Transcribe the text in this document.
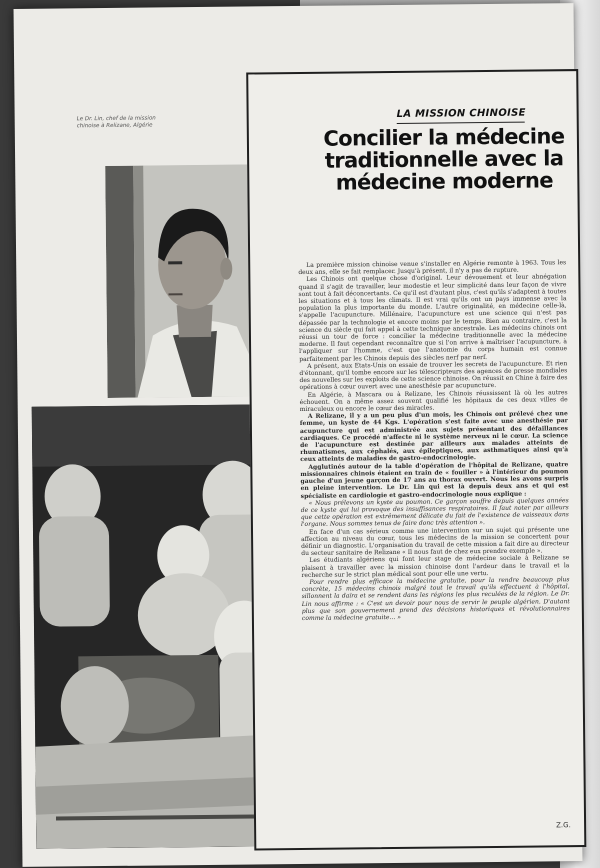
Le Dr. Lin, chef de la mission chinoise à Relizane, Algérie
LA MISSION CHINOISE
Concilier la médecine traditionnelle avec la médecine moderne

La première mission chinoise venue s'installer en Algérie remonte à 1963. Tous les deux ans, elle se fait remplacer. Jusqu'à présent, il n'y a pas de rupture.

Les Chinois ont quelque chose d'original. Leur dévouement et leur abnégation quand il s'agit de travailler, leur modestie et leur simplicité dans leur façon de vivre sont tout à fait déconcertants. Ce qu'il est d'autant plus, c'est qu'ils s'adaptent à toutes les situations et à tous les climats. Il est vrai qu'ils ont un pays immense avec la population la plus importante du monde. L'autre originalité, en médecine celle-là, s'appelle l'acupuncture. Millénaire, l'acupuncture est une science qui n'est pas dépassée par la technologie et encore moins par le temps. Bien au contraire, c'est la science du siècle qui fait appel à cette technique ancestrale. Les médecins chinois ont réussi un tour de force : concilier la médecine traditionnelle avec la médecine moderne. Il faut cependant reconnaître que si l'on arrive à maîtriser l'acupuncture, à l'appliquer sur l'homme, c'est que l'anatomie du corps humain est connue parfaitement par les Chinois depuis des siècles nerf par nerf.

A présent, aux Etats-Unis on essaie de trouver les secrets de l'acupuncture. Et rien d'étonnant, qu'il tombe encore sur les télescripteurs des agences de presse mondiales des nouvelles sur les exploits de cette science chinoise. On réussit en Chine à faire des opérations à cœur ouvert avec une anesthésie par acupuncture.

En Algérie, à Mascara ou à Relizane, les Chinois réussissent là où les autres échouent. On a même assez souvent qualifié les hôpitaux de ces deux villes de miraculeux ou encore le cœur des miracles.

A Relizane, il y a un peu plus d'un mois, les Chinois ont prélevé chez une femme, un kyste de 44 Kgs. L'opération s'est faite avec une anesthésie par acupuncture qui est administrée aux sujets présentant des défaillances cardiaques. Ce procédé n'affecte ni le système nerveux ni le cœur. La science de l'acupuncture est destinée par ailleurs aux malades atteints de rhumatismes, aux céphalés, aux épileptiques, aux asthmatiques ainsi qu'à ceux atteints de maladies de gastro-endocrinologie.

Agglutinés autour de la table d'opération de l'hôpital de Relizane, quatre missionnaires chinois étaient en train de « fouiller » à l'intérieur du poumon gauche d'un jeune garçon de 17 ans au thorax ouvert. Nous les avons surpris en pleine intervention. Le Dr. Lin qui est là depuis deux ans et qui est spécialiste en cardiologie et gastro-endocrinologie nous explique :

« Nous prélevons un kyste au poumon. Ce garçon souffre depuis quelques années de ce kyste qui lui provoque des insuffisances respiratoires. Il faut noter par ailleurs que cette opération est extrêmement délicate du fait de l'existence de vaisseaux dans l'organe. Nous sommes tenus de faire donc très attention ».

En face d'un cas sérieux comme une intervention sur un sujet qui présente une affection au niveau du cœur, tous les médecins de la mission se concertent pour définir un diagnostic. L'organisation du travail de cette mission a fait dire au directeur du secteur sanitaire de Relizane « Il nous faut de chez eux prendre exemple ».

Les étudiants algériens qui font leur stage de médecine sociale à Relizane se plaisent à travailler avec la mission chinoise dont l'ardeur dans le travail et la recherche sur le strict plan médical sont pour elle une vertu.

Pour rendre plus efficace la médecine gratuite, pour la rendre beaucoup plus concrète, 15 médecins chinois malgré tout le travail qu'ils effectuent à l'hôpital, sillonnent la daïra et se rendent dans les régions les plus reculées de la région. Le Dr. Lin nous affirme : « C'est un devoir pour nous de servir le peuple algérien. D'autant plus que son gouvernement prend des décisions historiques et révolutionnaires comme la médecine gratuite... »

Z.G.
